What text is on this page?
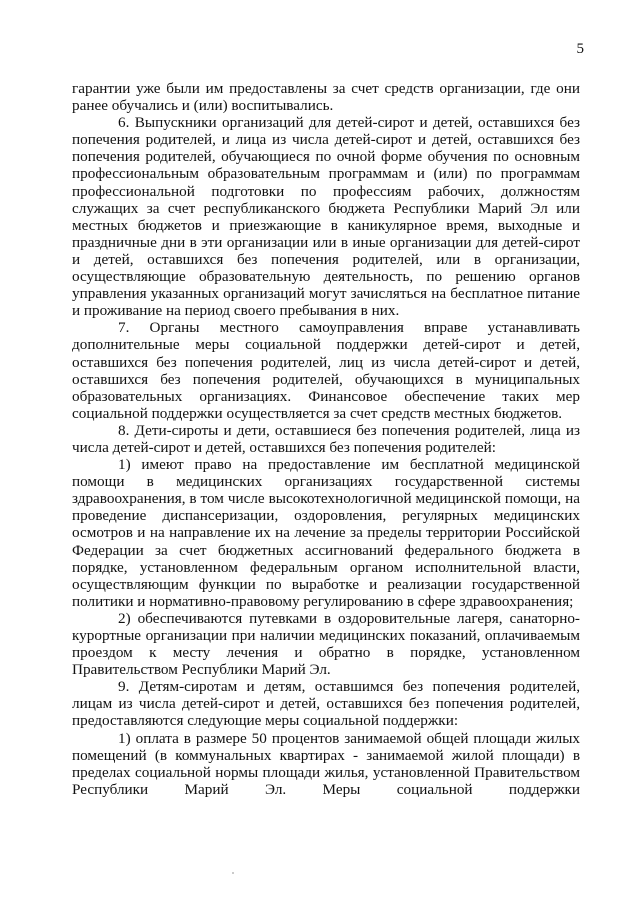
5

гарантии уже были им предоставлены за счет средств организации, где они ранее обучались и (или) воспитывались.

6. Выпускники организаций для детей-сирот и детей, оставшихся без попечения родителей, и лица из числа детей-сирот и детей, оставшихся без попечения родителей, обучающиеся по очной форме обучения по основным профессиональным образовательным программам и (или) по программам профессиональной подготовки по профессиям рабочих, должностям служащих за счет республиканского бюджета Республики Марий Эл или местных бюджетов и приезжающие в каникулярное время, выходные и праздничные дни в эти организации или в иные организации для детей-сирот и детей, оставшихся без попечения родителей, или в организации, осуществляющие образовательную деятельность, по решению органов управления указанных организаций могут зачисляться на бесплатное питание и проживание на период своего пребывания в них.

7. Органы местного самоуправления вправе устанавливать дополнительные меры социальной поддержки детей-сирот и детей, оставшихся без попечения родителей, лиц из числа детей-сирот и детей, оставшихся без попечения родителей, обучающихся в муниципальных образовательных организациях. Финансовое обеспечение таких мер социальной поддержки осуществляется за счет средств местных бюджетов.

8. Дети-сироты и дети, оставшиеся без попечения родителей, лица из числа детей-сирот и детей, оставшихся без попечения родителей:

1) имеют право на предоставление им бесплатной медицинской помощи в медицинских организациях государственной системы здравоохранения, в том числе высокотехнологичной медицинской помощи, на проведение диспансеризации, оздоровления, регулярных медицинских осмотров и на направление их на лечение за пределы территории Российской Федерации за счет бюджетных ассигнований федерального бюджета в порядке, установленном федеральным органом исполнительной власти, осуществляющим функции по выработке и реализации государственной политики и нормативно-правовому регулированию в сфере здравоохранения;

2) обеспечиваются путевками в оздоровительные лагеря, санаторно-курортные организации при наличии медицинских показаний, оплачиваемым проездом к месту лечения и обратно в порядке, установленном Правительством Республики Марий Эл.

9. Детям-сиротам и детям, оставшимся без попечения родителей, лицам из числа детей-сирот и детей, оставшихся без попечения родителей, предоставляются следующие меры социальной поддержки:

1) оплата в размере 50 процентов занимаемой общей площади жилых помещений (в коммунальных квартирах - занимаемой жилой площади) в пределах социальной нормы площади жилья, установленной Правительством Республики Марий Эл. Меры социальной поддержки
